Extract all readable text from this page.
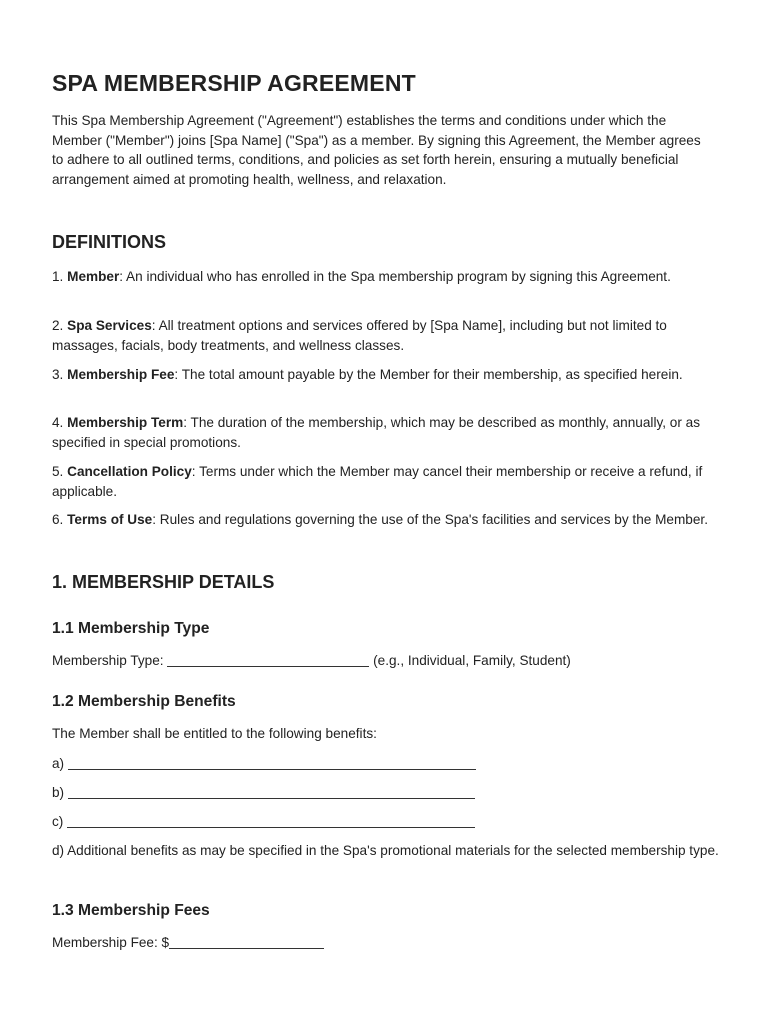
SPA MEMBERSHIP AGREEMENT

This Spa Membership Agreement ("Agreement") establishes the terms and conditions under which the Member ("Member") joins [Spa Name] ("Spa") as a member. By signing this Agreement, the Member agrees to adhere to all outlined terms, conditions, and policies as set forth herein, ensuring a mutually beneficial arrangement aimed at promoting health, wellness, and relaxation.

DEFINITIONS

1. Member: An individual who has enrolled in the Spa membership program by signing this Agreement.

2. Spa Services: All treatment options and services offered by [Spa Name], including but not limited to massages, facials, body treatments, and wellness classes.

3. Membership Fee: The total amount payable by the Member for their membership, as specified herein.

4. Membership Term: The duration of the membership, which may be described as monthly, annually, or as specified in special promotions.

5. Cancellation Policy: Terms under which the Member may cancel their membership or receive a refund, if applicable.

6. Terms of Use: Rules and regulations governing the use of the Spa's facilities and services by the Member.

1. MEMBERSHIP DETAILS
1.1 Membership Type

Membership Type:	(e.g., Individual, Family, Student)

1.2 Membership Benefits

The Member shall be entitled to the following benefits:

a)

b)

c)

d) Additional benefits as may be specified in the Spa's promotional materials for the selected membership type.

1.3 Membership Fees

Membership Fee: $
